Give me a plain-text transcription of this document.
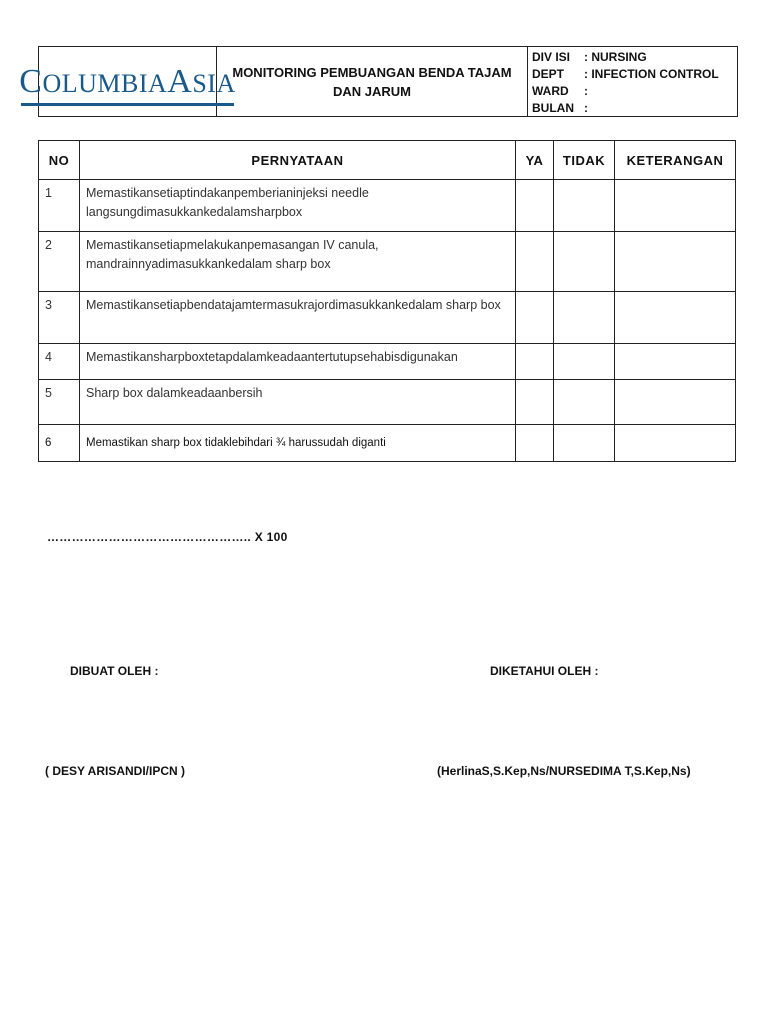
COLUMBIAASIA
MONITORING PEMBUANGAN BENDA TAJAM
DAN JARUM
DIV ISI	: NURSING
DEPT	: INFECTION CONTROL
WARD	:
BULAN :
NO	PERNYATAAN	YA	TIDAK	KETERANGAN
1	Memastikansetiaptindakanpemberianinjeksi needle langsungdimasukkankedalamsharpbox			
2	Memastikansetiapmelakukanpemasangan IV canula, mandrainnyadimasukkankedalam sharp box			
3	Memastikansetiapbendatajamtermasukrajordimasukkankedalam sharp box			
4	Memastikansharpboxtetapdalamkeadaantertutupsehabisdigunakan			
5	Sharp box dalamkeadaanbersih			
6	Memastikan sharp box tidaklebihdari ¾ harussudah diganti			
………………………………………….. X 100
DIBUAT OLEH :	DIKETAHUI OLEH :
( DESY ARISANDI/IPCN )	(HerlinaS,S.Kep,Ns/NURSEDIMA T,S.Kep,Ns)
